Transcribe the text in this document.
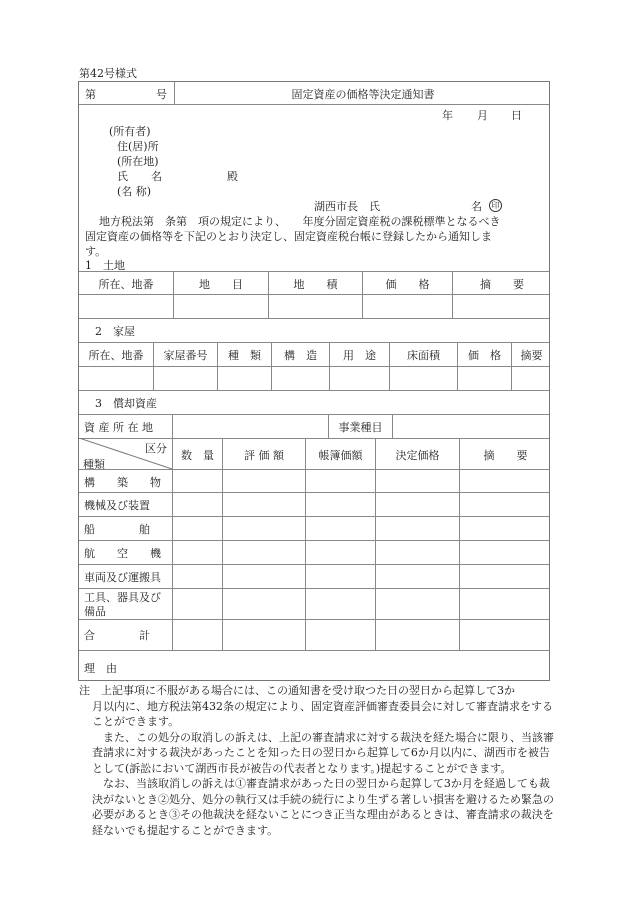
第42号様式
第	号	固定資産の価格等決定通知書
年 月 日
(所有者)
住(居)所
(所在地)
氏 名	殿
(名 称)
湖西市長　氏	名	印
地方税法第　条第　項の規定により、　　年度分固定資産税の課税標準となるべき
固定資産の価格等を下記のとおり決定し、固定資産税台帳に登録したから通知しま
す。
1　土地
所在、地番	地　　目	地　　積	価　　格	摘　　要
2　家屋
所在、地番	家屋番号	種　類	構　造	用　途	床面積	価　格	摘要
3　償却資産
資 産 所 在 地	事業種目
区分
種類
数　量	評 価 額	帳簿価額	決定価格	摘　　要
構　　築　　物
機械及び装置
船　　　　舶
航　　空　　機
車両及び運搬具
工具、器具及び備品
合　　　　計
理　由

注　上記事項に不服がある場合には、この通知書を受け取つた日の翌日から起算して3か

月以内に、地方税法第432条の規定により、固定資産評価審査委員会に対して審査請求をすることができます。

また、この処分の取消しの訴えは、上記の審査請求に対する裁決を経た場合に限り、当該審査請求に対する裁決があったことを知った日の翌日から起算して6か月以内に、湖西市を被告として(訴訟において湖西市長が被告の代表者となります。)提起することができます。

なお、当該取消しの訴えは①審査請求があった日の翌日から起算して3か月を経過しても裁決がないとき②処分、処分の執行又は手続の続行により生ずる著しい損害を避けるため緊急の必要があるとき③その他裁決を経ないことにつき正当な理由があるときは、審査請求の裁決を経ないでも提起することができます。
